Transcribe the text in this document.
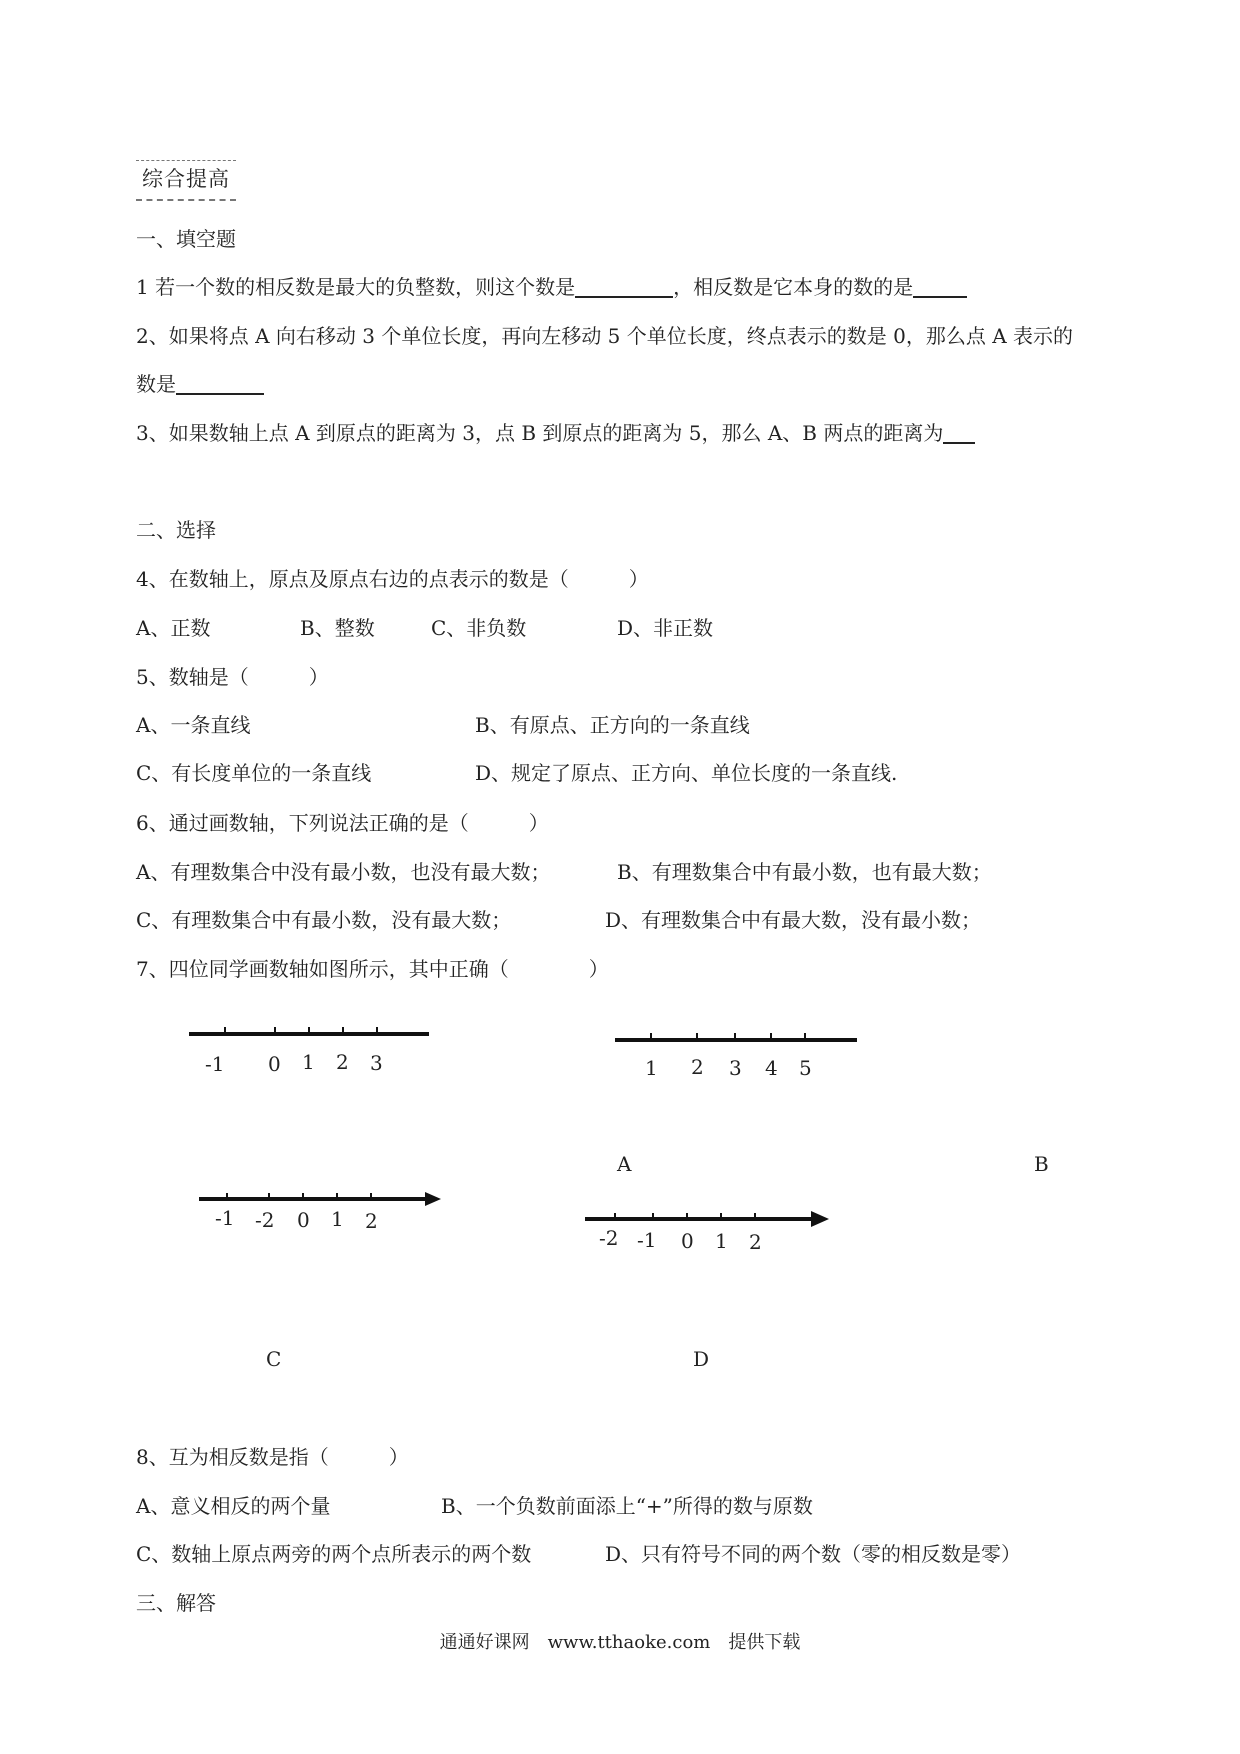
综合提高
一、填空题
1 若一个数的相反数是最大的负整数，则这个数是	，相反数是它本身的数的是
2、如果将点 A 向右移动 3 个单位长度，再向左移动 5 个单位长度，终点表示的数是 0，那么点 A 表示的
数是
3、如果数轴上点 A 到原点的距离为 3，点 B 到原点的距离为 5，那么 A、B 两点的距离为
二、选择
4、在数轴上，原点及原点右边的点表示的数是（　　　）
A、正数	B、整数	C、非负数	D、非正数
5、数轴是（　　　）
A、一条直线	B、有原点、正方向的一条直线
C、有长度单位的一条直线	D、规定了原点、正方向、单位长度的一条直线.
6、通过画数轴，下列说法正确的是（　　　）
A、有理数集合中没有最小数，也没有最大数；	B、有理数集合中有最小数，也有最大数；
C、有理数集合中有最小数，没有最大数；	D、有理数集合中有最大数，没有最小数；
7、四位同学画数轴如图所示，其中正确（　　　　）
-1 0 1 2 3	1 2 3 4 5
A	B
-1 -2 0 1 2
-2 -1 0 1 2
C	D
8、互为相反数是指（　　　）
A、意义相反的两个量	B、一个负数前面添上“+”所得的数与原数
C、数轴上原点两旁的两个点所表示的两个数	D、只有符号不同的两个数（零的相反数是零）
三、解答
通通好课网　www.tthaoke.com　提供下载
